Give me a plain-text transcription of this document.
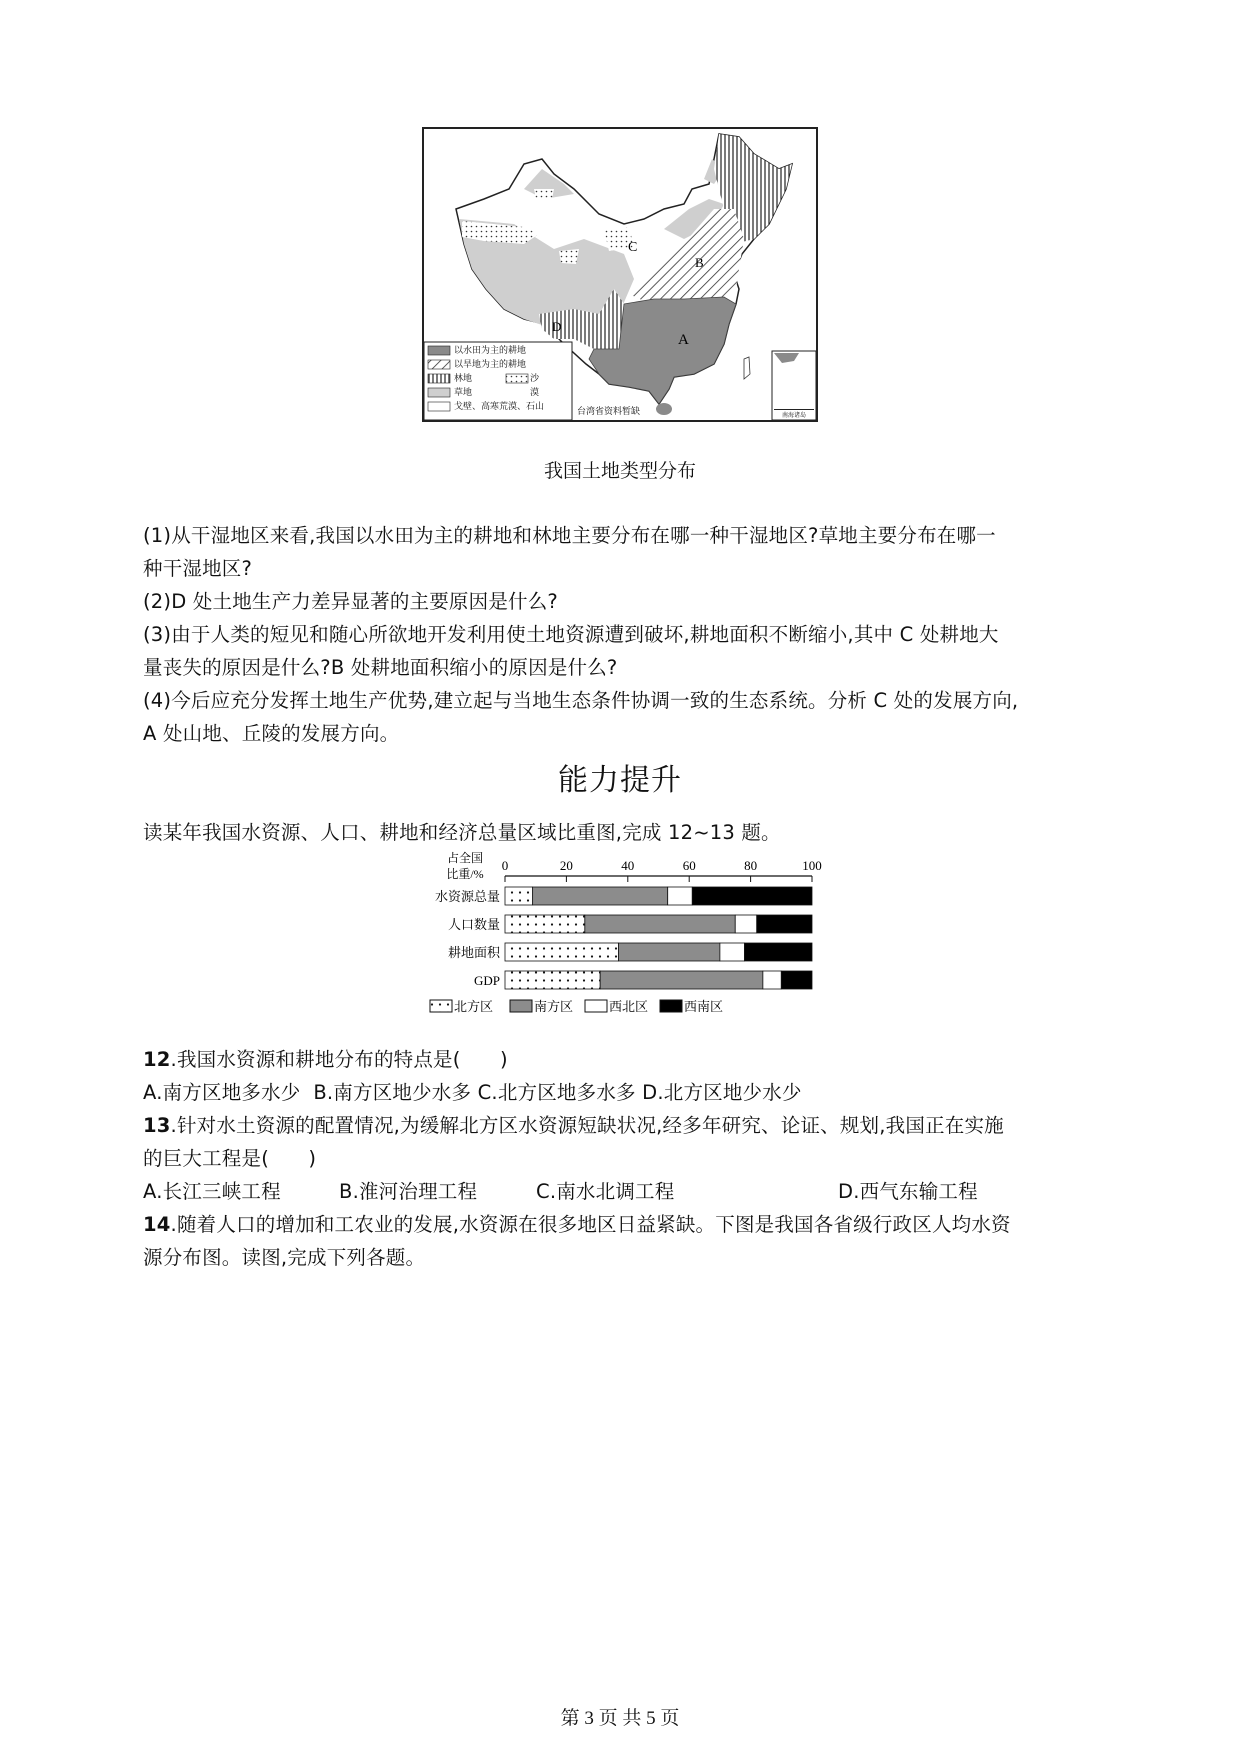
C
B
D
A
以水田为主的耕地
以旱地为主的耕地
林地	沙漠
草地
戈壁、高寒荒漠、石山	台湾省资料暂缺	南海诸岛
我国土地类型分布
(1)从干湿地区来看,我国以水田为主的耕地和林地主要分布在哪一种干湿地区?草地主要分布在哪一
种干湿地区?
(2)D 处土地生产力差异显著的主要原因是什么?
(3)由于人类的短见和随心所欲地开发利用使土地资源遭到破坏,耕地面积不断缩小,其中 C 处耕地大
量丧失的原因是什么?B 处耕地面积缩小的原因是什么?
(4)今后应充分发挥土地生产优势,建立起与当地生态条件协调一致的生态系统。分析 C 处的发展方向,
A 处山地、丘陵的发展方向。
能力提升
读某年我国水资源、人口、耕地和经济总量区域比重图,完成 12~13 题。
占全国
比重/%
0	20	40	60	80	100
水资源总量
人口数量
耕地面积
GDP
北方区	南方区	西北区	西南区
12.我国水资源和耕地分布的特点是(　　)
A.南方区地多水少 B.南方区地少水多 C.北方区地多水多 D.北方区地少水少
13.针对水土资源的配置情况,为缓解北方区水资源短缺状况,经多年研究、论证、规划,我国正在实施
的巨大工程是(　　)
A.长江三峡工程	B.淮河治理工程	C.南水北调工程	D.西气东输工程
14.随着人口的增加和工农业的发展,水资源在很多地区日益紧缺。下图是我国各省级行政区人均水资
源分布图。读图,完成下列各题。
第 3 页 共 5 页
